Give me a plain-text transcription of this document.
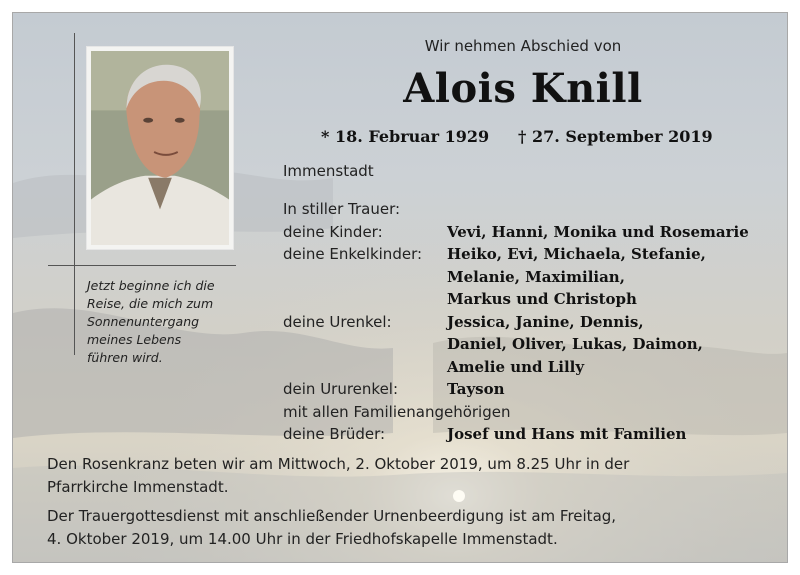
Jetzt beginne ich die
Reise, die mich zum
Sonnenuntergang
meines Lebens
führen wird.
Wir nehmen Abschied von
Alois Knill
* 18. Februar 1929 † 27. September 2019
Immenstadt
In stiller Trauer:
deine Kinder:	Vevi, Hanni, Monika und Rosemarie
deine Enkelkinder:	Heiko, Evi, Michaela, Stefanie,
Melanie, Maximilian,
Markus und Christoph
deine Urenkel:	Jessica, Janine, Dennis,
Daniel, Oliver, Lukas, Daimon,
Amelie und Lilly
dein Ururenkel:	Tayson
mit allen Familienangehörigen
deine Brüder:	Josef und Hans mit Familien

Den Rosenkranz beten wir am Mittwoch, 2. Oktober 2019, um 8.25 Uhr in der
Pfarrkirche Immenstadt.

Der Trauergottesdienst mit anschließender Urnenbeerdigung ist am Freitag,
4. Oktober 2019, um 14.00 Uhr in der Friedhofskapelle Immenstadt.
